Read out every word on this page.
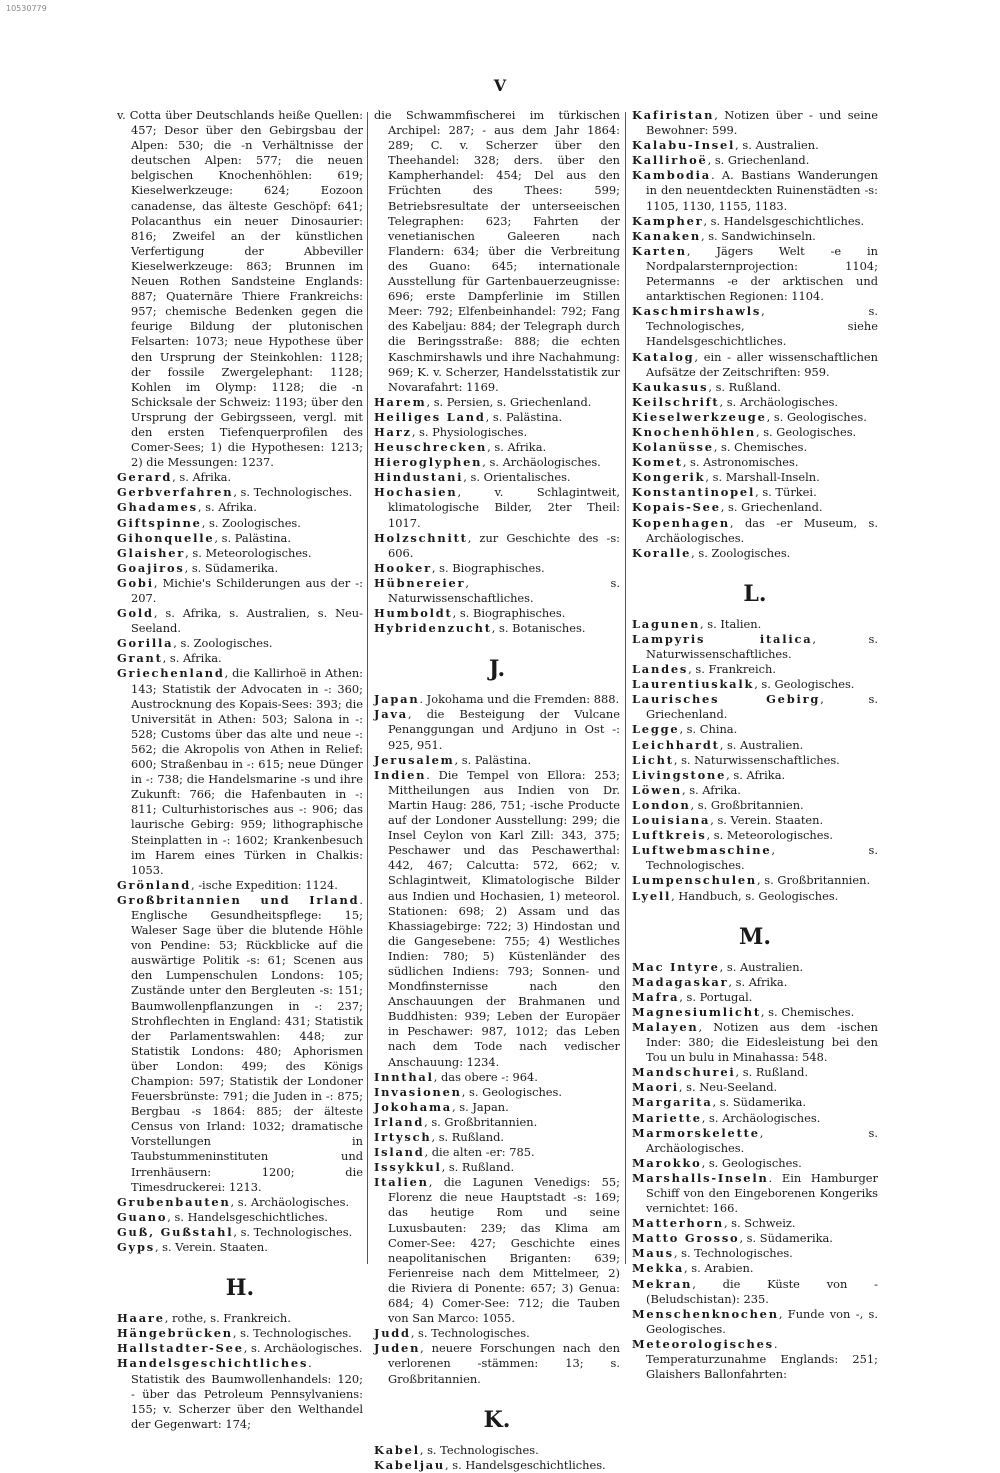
10530779
V

v. Cotta über Deutschlands heiße Quellen: 457; Desor über den Gebirgsbau der Alpen: 530; die -n Verhältnisse der deutschen Alpen: 577; die neuen belgischen Knochenhöhlen: 619; Kieselwerkzeuge: 624; Eozoon canadense, das älteste Geschöpf: 641; Polacanthus ein neuer Dinosaurier: 816; Zweifel an der künstlichen Verfertigung der Abbeviller Kieselwerkzeuge: 863; Brunnen im Neuen Rothen Sandsteine Englands: 887; Quaternäre Thiere Frankreichs: 957; chemische Bedenken gegen die feurige Bildung der plutonischen Felsarten: 1073; neue Hypothese über den Ursprung der Steinkohlen: 1128; der fossile Zwergelephant: 1128; Kohlen im Olymp: 1128; die -n Schicksale der Schweiz: 1193; über den Ursprung der Gebirgsseen, vergl. mit den ersten Tiefenquerprofilen des Comer-Sees; 1) die Hypothesen: 1213; 2) die Messungen: 1237.

Gerard, s. Afrika.

Gerbverfahren, s. Technologisches.

Ghadames, s. Afrika.

Giftspinne, s. Zoologisches.

Gihonquelle, s. Palästina.

Glaisher, s. Meteorologisches.

Goajiros, s. Südamerika.

Gobi, Michie's Schilderungen aus der -: 207.

Gold, s. Afrika, s. Australien, s. Neu-Seeland.

Gorilla, s. Zoologisches.

Grant, s. Afrika.

Griechenland, die Kallirhoë in Athen: 143; Statistik der Advocaten in -: 360; Austrocknung des Kopais-Sees: 393; die Universität in Athen: 503; Salona in -: 528; Customs über das alte und neue -: 562; die Akropolis von Athen in Relief: 600; Straßenbau in -: 615; neue Dünger in -: 738; die Handelsmarine -s und ihre Zukunft: 766; die Hafenbauten in -: 811; Culturhistorisches aus -: 906; das laurische Gebirg: 959; lithographische Steinplatten in -: 1602; Krankenbesuch im Harem eines Türken in Chalkis: 1053.

Grönland, -ische Expedition: 1124.

Großbritannien und Irland. Englische Gesundheitspflege: 15; Waleser Sage über die blutende Höhle von Pendine: 53; Rückblicke auf die auswärtige Politik -s: 61; Scenen aus den Lumpenschulen Londons: 105; Zustände unter den Bergleuten -s: 151; Baumwollenpflanzungen in -: 237; Strohflechten in England: 431; Statistik der Parlamentswahlen: 448; zur Statistik Londons: 480; Aphorismen über London: 499; des Königs Champion: 597; Statistik der Londoner Feuersbrünste: 791; die Juden in -: 875; Bergbau -s 1864: 885; der älteste Census von Irland: 1032; dramatische Vorstellungen in Taubstummeninstituten und Irrenhäusern: 1200; die Timesdruckerei: 1213.

Grubenbauten, s. Archäologisches.

Guano, s. Handelsgeschichtliches.

Guß, Gußstahl, s. Technologisches.

Gyps, s. Verein. Staaten.

H.

Haare, rothe, s. Frankreich.

Hängebrücken, s. Technologisches.

Hallstadter-See, s. Archäologisches.

Handelsgeschichtliches. Statistik des Baumwollenhandels: 120; - über das Petroleum Pennsylvaniens: 155; v. Scherzer über den Welthandel der Gegenwart: 174;

die Schwammfischerei im türkischen Archipel: 287; - aus dem Jahr 1864: 289; C. v. Scherzer über den Theehandel: 328; ders. über den Kampherhandel: 454; Del aus den Früchten des Thees: 599; Betriebsresultate der unterseeischen Telegraphen: 623; Fahrten der venetianischen Galeeren nach Flandern: 634; über die Verbreitung des Guano: 645; internationale Ausstellung für Gartenbauerzeugnisse: 696; erste Dampferlinie im Stillen Meer: 792; Elfenbeinhandel: 792; Fang des Kabeljau: 884; der Telegraph durch die Beringsstraße: 888; die echten Kaschmirshawls und ihre Nachahmung: 969; K. v. Scherzer, Handelsstatistik zur Novarafahrt: 1169.

Harem, s. Persien, s. Griechenland.

Heiliges Land, s. Palästina.

Harz, s. Physiologisches.

Heuschrecken, s. Afrika.

Hieroglyphen, s. Archäologisches.

Hindustani, s. Orientalisches.

Hochasien, v. Schlagintweit, klimatologische Bilder, 2ter Theil: 1017.

Holzschnitt, zur Geschichte des -s: 606.

Hooker, s. Biographisches.

Hübnereier, s. Naturwissenschaftliches.

Humboldt, s. Biographisches.

Hybridenzucht, s. Botanisches.

J.

Japan. Jokohama und die Fremden: 888.

Java, die Besteigung der Vulcane Penanggungan und Ardjuno in Ost -: 925, 951.

Jerusalem, s. Palästina.

Indien. Die Tempel von Ellora: 253; Mittheilungen aus Indien von Dr. Martin Haug: 286, 751; -ische Producte auf der Londoner Ausstellung: 299; die Insel Ceylon von Karl Zill: 343, 375; Peschawer und das Peschawerthal: 442, 467; Calcutta: 572, 662; v. Schlagintweit, Klimatologische Bilder aus Indien und Hochasien, 1) meteorol. Stationen: 698; 2) Assam und das Khassiagebirge: 722; 3) Hindostan und die Gangesebene: 755; 4) Westliches Indien: 780; 5) Küstenländer des südlichen Indiens: 793; Sonnen- und Mondfinsternisse nach den Anschauungen der Brahmanen und Buddhisten: 939; Leben der Europäer in Peschawer: 987, 1012; das Leben nach dem Tode nach vedischer Anschauung: 1234.

Innthal, das obere -: 964.

Invasionen, s. Geologisches.

Jokohama, s. Japan.

Irland, s. Großbritannien.

Irtysch, s. Rußland.

Island, die alten -er: 785.

Issykkul, s. Rußland.

Italien, die Lagunen Venedigs: 55; Florenz die neue Hauptstadt -s: 169; das heutige Rom und seine Luxusbauten: 239; das Klima am Comer-See: 427; Geschichte eines neapolitanischen Briganten: 639; Ferienreise nach dem Mittelmeer, 2) die Riviera di Ponente: 657; 3) Genua: 684; 4) Comer-See: 712; die Tauben von San Marco: 1055.

Judd, s. Technologisches.

Juden, neuere Forschungen nach den verlorenen -stämmen: 13; s. Großbritannien.

K.

Kabel, s. Technologisches.

Kabeljau, s. Handelsgeschichtliches.

Kafiristan, Notizen über - und seine Bewohner: 599.

Kalabu-Insel, s. Australien.

Kallirhoë, s. Griechenland.

Kambodia. A. Bastians Wanderungen in den neuentdeckten Ruinenstädten -s: 1105, 1130, 1155, 1183.

Kampher, s. Handelsgeschichtliches.

Kanaken, s. Sandwichinseln.

Karten, Jägers Welt -e in Nordpalarsternprojection: 1104; Petermanns -e der arktischen und antarktischen Regionen: 1104.

Kaschmirshawls, s. Technologisches, siehe Handelsgeschichtliches.

Katalog, ein - aller wissenschaftlichen Aufsätze der Zeitschriften: 959.

Kaukasus, s. Rußland.

Keilschrift, s. Archäologisches.

Kieselwerkzeuge, s. Geologisches.

Knochenhöhlen, s. Geologisches.

Kolanüsse, s. Chemisches.

Komet, s. Astronomisches.

Kongerik, s. Marshall-Inseln.

Konstantinopel, s. Türkei.

Kopais-See, s. Griechenland.

Kopenhagen, das -er Museum, s. Archäologisches.

Koralle, s. Zoologisches.

L.

Lagunen, s. Italien.

Lampyris italica, s. Naturwissenschaftliches.

Landes, s. Frankreich.

Laurentiuskalk, s. Geologisches.

Laurisches Gebirg, s. Griechenland.

Legge, s. China.

Leichhardt, s. Australien.

Licht, s. Naturwissenschaftliches.

Livingstone, s. Afrika.

Löwen, s. Afrika.

London, s. Großbritannien.

Louisiana, s. Verein. Staaten.

Luftkreis, s. Meteorologisches.

Luftwebmaschine, s. Technologisches.

Lumpenschulen, s. Großbritannien.

Lyell, Handbuch, s. Geologisches.

M.

Mac Intyre, s. Australien.

Madagaskar, s. Afrika.

Mafra, s. Portugal.

Magnesiumlicht, s. Chemisches.

Malayen, Notizen aus dem -ischen Inder: 380; die Eidesleistung bei den Tou un bulu in Minahassa: 548.

Mandschurei, s. Rußland.

Maori, s. Neu-Seeland.

Margarita, s. Südamerika.

Mariette, s. Archäologisches.

Marmorskelette, s. Archäologisches.

Marokko, s. Geologisches.

Marshalls-Inseln. Ein Hamburger Schiff von den Eingeborenen Kongeriks vernichtet: 166.

Matterhorn, s. Schweiz.

Matto Grosso, s. Südamerika.

Maus, s. Technologisches.

Mekka, s. Arabien.

Mekran, die Küste von - (Beludschistan): 235.

Menschenknochen, Funde von -, s. Geologisches.

Meteorologisches. Temperaturzunahme Englands: 251; Glaishers Ballonfahrten:
